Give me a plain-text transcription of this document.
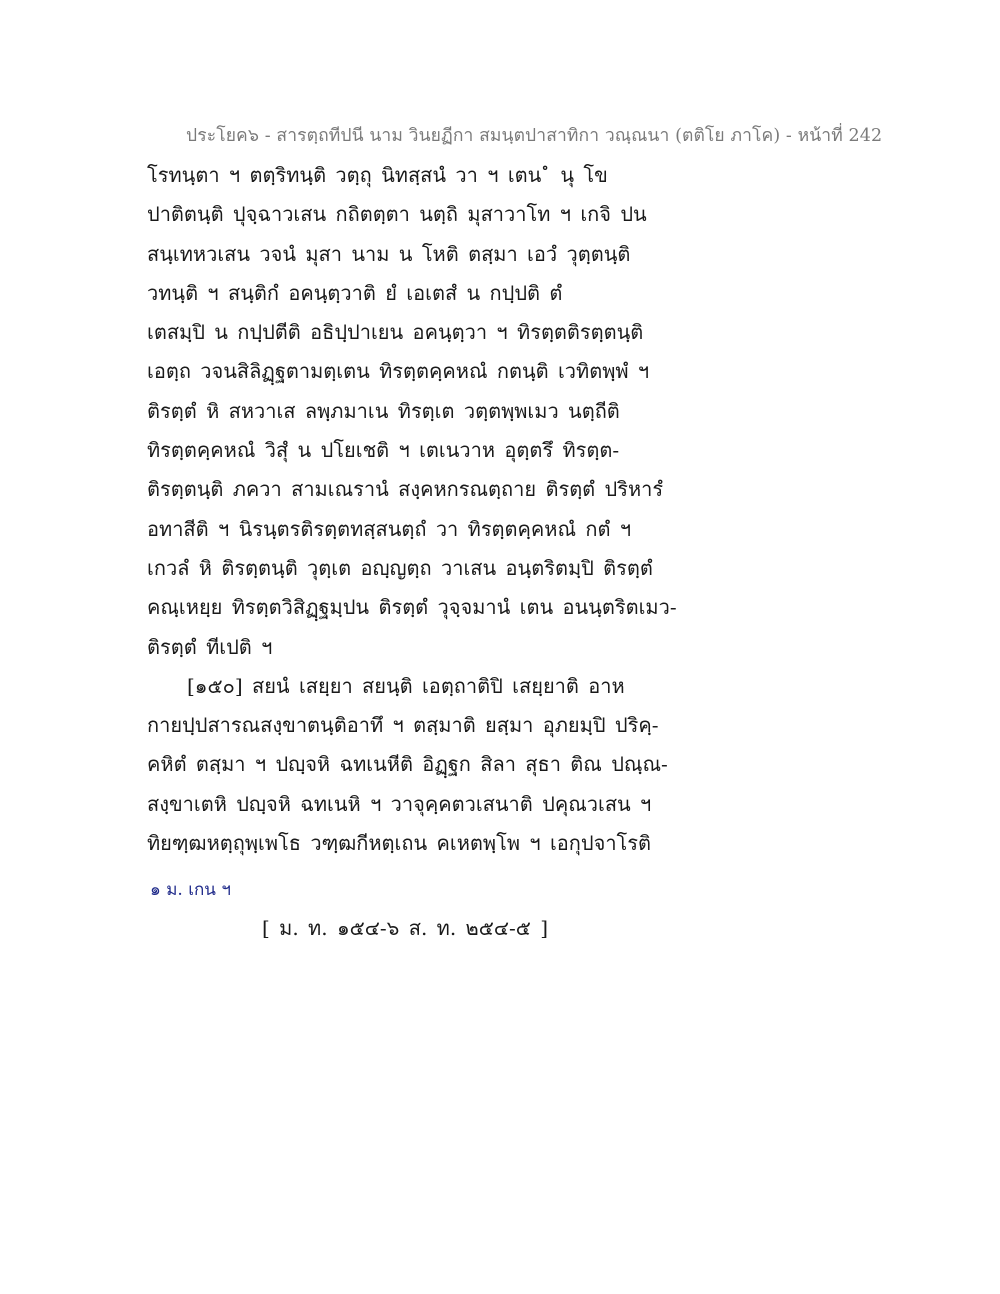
ประโยค๖ - สารตฺถทีปนี นาม วินยฏีกา สมนฺตปาสาทิกา วณฺณนา (ตติโย ภาโค) - หน้าที่ 242
โรทนฺตา ฯ ตตฺริทนฺติ วตฺถุ นิทสฺสนํ วา ฯ เตน ํ นุ โข
ปาติตนฺติ ปุจฺฉาวเสน กถิตตฺตา นตฺถิ มุสาวาโท ฯ เกจิ ปน
สนฺเทหวเสน วจนํ มุสา นาม น โหติ ตสฺมา เอวํ วุตฺตนฺติ
วทนฺติ ฯ สนฺติกํ อคนฺตฺวาติ ยํ เอเตสํ น กปฺปติ ตํ
เตสมฺปิ น กปฺปตีติ อธิปฺปาเยน อคนฺตฺวา ฯ ทิรตฺตติรตฺตนฺติ
เอตฺถ วจนสิลิฏฺฐตามตฺเตน ทิรตฺตคฺคหณํ กตนฺติ เวทิตพฺพํ ฯ
ติรตฺตํ หิ สหวาเส ลพฺภมาเน ทิรตฺเต วตฺตพฺพเมว นตฺถีติ
ทิรตฺตคฺคหณํ วิสุํ น ปโยเชติ ฯ เตเนวาห อุตฺตรึ ทิรตฺต-
ติรตฺตนฺติ ภควา สามเณรานํ สงฺคหกรณตฺถาย ติรตฺตํ ปริหารํ
อทาสีติ ฯ นิรนฺตรติรตฺตทสฺสนตฺถํ วา ทิรตฺตคฺคหณํ กตํ ฯ
เกวลํ หิ ติรตฺตนฺติ วุตฺเต อญฺญตฺถ วาเสน อนฺตริตมฺปิ ติรตฺตํ
คณฺเหยฺย ทิรตฺตวิสิฏฺฐมฺปน ติรตฺตํ วุจฺจมานํ เตน อนนฺตริตเมว-
ติรตฺตํ ทีเปติ ฯ
[๑๕๐] สยนํ เสยฺยา สยนฺติ เอตฺถาติปิ เสยฺยาติ อาห
กายปฺปสารณสงฺขาตนฺติอาทึ ฯ ตสฺมาติ ยสฺมา อุภยมฺปิ ปริคฺ-
คหิตํ ตสฺมา ฯ ปญฺจหิ ฉทเนหีติ อิฏฺฐก สิลา สุธา ติณ ปณฺณ-
สงฺขาเตหิ ปญฺจหิ ฉทเนหิ ฯ วาจุคฺคตวเสนาติ ปคุณวเสน ฯ
ทิยฑฺฒหตฺถุพฺเพโธ วฑฺฒกีหตฺเถน คเหตพฺโพ ฯ เอกุปจาโรติ
๑ ม. เกน ฯ
[ ม. ท. ๑๕๔-๖ ส. ท. ๒๕๔-๕ ]
